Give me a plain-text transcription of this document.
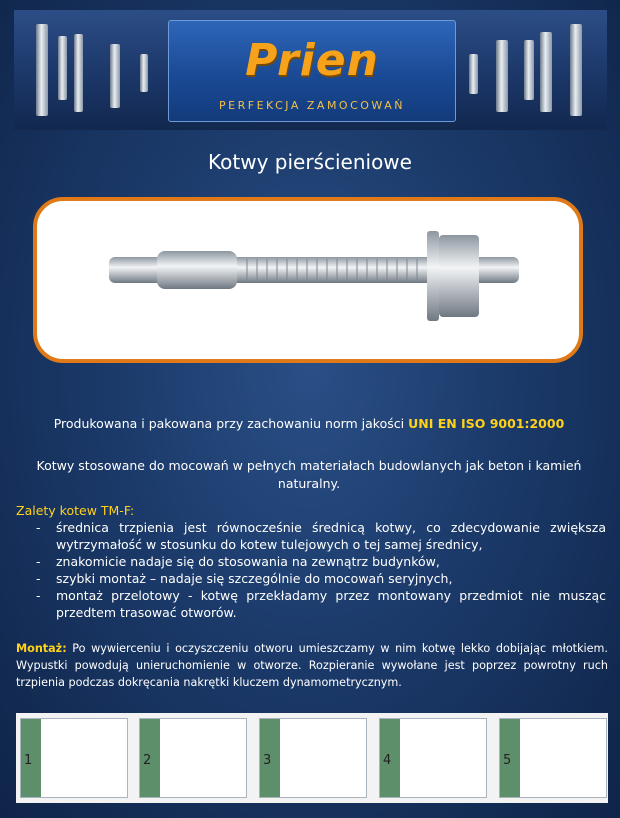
Prien
PERFEKCJA ZAMOCOWAŃ
Kotwy pierścieniowe
Produkowana i pakowana przy zachowaniu norm jakości UNI EN ISO 9001:2000
Kotwy stosowane do mocowań w pełnych materiałach budowlanych jak beton i kamień naturalny.
Zalety kotew TM-F:
- średnica trzpienia jest równocześnie średnicą kotwy, co zdecydowanie zwiększa wytrzymałość w stosunku do kotew tulejowych o tej samej średnicy,
- znakomicie nadaje się do stosowania na zewnątrz budynków,
- szybki montaż – nadaje się szczególnie do mocowań seryjnych,
- montaż przelotowy - kotwę przekładamy przez montowany przedmiot nie musząc przedtem trasować otworów.
Montaż: Po wywierceniu i oczyszczeniu otworu umieszczamy w nim kotwę lekko dobijając młotkiem. Wypustki powodują unieruchomienie w otworze. Rozpieranie wywołane jest poprzez powrotny ruch trzpienia podczas dokręcania nakrętki kluczem dynamometrycznym.
1	2	3	4	5
